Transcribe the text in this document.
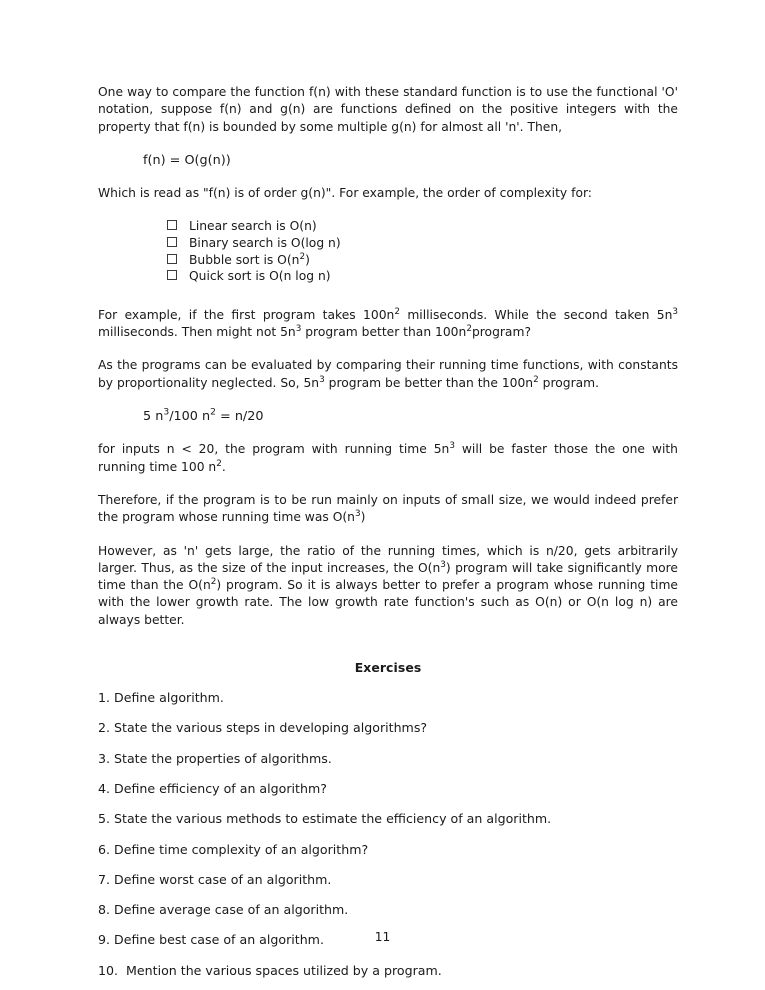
One way to compare the function f(n) with these standard function is to use the functional 'O' notation, suppose f(n) and g(n) are functions defined on the positive integers with the property that f(n) is bounded by some multiple g(n) for almost all 'n'. Then,

f(n) = O(g(n))

Which is read as "f(n) is of order g(n)". For example, the order of complexity for:

Linear search is O(n)
Binary search is O(log n)
Bubble sort is $O(n^2)$
Quick sort is O(n log n)

For example, if the first program takes $100n^2$ milliseconds. While the second taken $5n^3$ milliseconds. Then might not $5n^3$ program better than $100n^2program$?

As the programs can be evaluated by comparing their running time functions, with constants by proportionality neglected. So, $5n^3$ program be better than the $100n^2$ program.

5 $n^3/100$ $n^2 = n/20$

for inputs n < 20, the program with running time $5n^3$ will be faster those the one with running time 100 $n^2$.

Therefore, if the program is to be run mainly on inputs of small size, we would indeed prefer the program whose running time was $O(n^3)$

However, as 'n' gets large, the ratio of the running times, which is n/20, gets arbitrarily larger. Thus, as the size of the input increases, the $O(n^3)$ program will take significantly more time than the $O(n^2)$ program. So it is always better to prefer a program whose running time with the lower growth rate. The low growth rate function's such as O(n) or O(n log n) are always better.

Exercises
1. Define algorithm.
2. State the various steps in developing algorithms?
3. State the properties of algorithms.
4. Define efficiency of an algorithm?
5. State the various methods to estimate the efficiency of an algorithm.
6. Define time complexity of an algorithm?
7. Define worst case of an algorithm.
8. Define average case of an algorithm.
9. Define best case of an algorithm.
10.  Mention the various spaces utilized by a program.
11
